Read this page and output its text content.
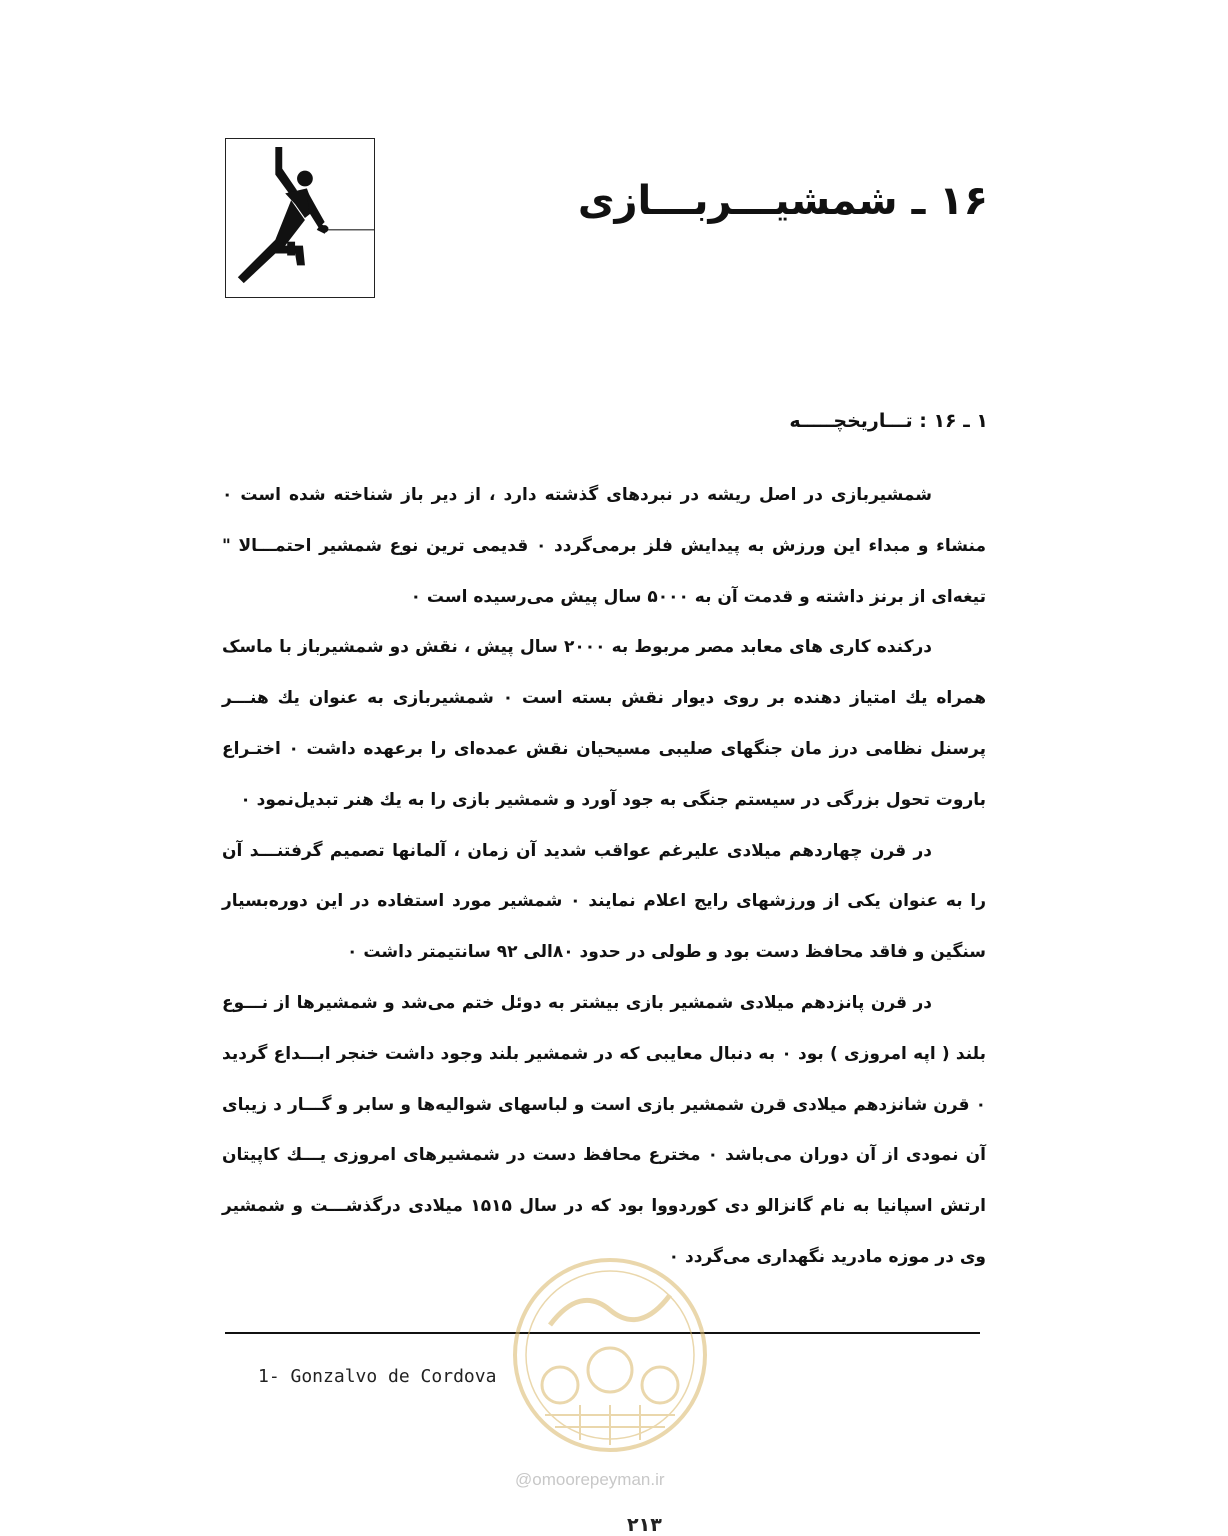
۱۶ ـ شمشیـــربـــازی
۱ ـ ۱۶ : تـــاریخچـــــه

شمشیربازی در اصل ریشه در نبردهای گذشته دارد ، از دیر باز شناخته شده است ۰ منشاء و مبداء این ورزش به پیدایش فلز برمی‌گردد ۰ قدیمی ترین نوع شمشیر احتمـــالا " تیغه‌ای از برنز داشته و قدمت آن به ۵۰۰۰ سال پیش می‌رسیده است ۰

درکنده کاری های معابد مصر مربوط به ۲۰۰۰ سال پیش ، نقش دو شمشیرباز با ماسک همراه یك امتیاز دهنده بر روی دیوار نقش بسته است ۰ شمشیربازی به عنوان یك هنـــر پرسنل نظامی درز مان جنگهای صلیبی مسیحیان نقش عمده‌ای را برعهده داشت ۰ اختـراع باروت تحول بزرگی در سیستم جنگی به جود آورد و شمشیر بازی را به یك هنر تبدیل‌نمود ۰

در قرن چهاردهم میلادی علیرغم عواقب شدید آن زمان ، آلمانها تصمیم گرفتنـــد آن را به عنوان یکی از ورزشهای رایج اعلام نمایند ۰ شمشیر مورد استفاده در این دوره‌بسیار سنگین و فاقد محافظ دست بود و طولی در حدود ۸۰الی ۹۲ سانتیمتر داشت ۰

در قرن پانزدهم میلادی شمشیر بازی بیشتر به دوئل ختم می‌شد و شمشیرها از نـــوع بلند ( اپه امروزی ) بود ۰ به دنبال معایبی که در شمشیر بلند وجود داشت خنجر ابـــداع گردید ۰ قرن شانزدهم میلادی قرن شمشیر بازی است و لباسهای شوالیه‌ها و سابر و گـــار د زیبای آن نمودی از آن دوران می‌باشد ۰ مخترع محافظ دست در شمشیرهای امروزی یـــك کاپیتان ارتش اسپانیا به نام گانزالو دی کوردووا بود که در سال ۱۵۱۵ میلادی درگذشـــت و شمشیر وی در موزه مادرید نگهداری می‌گردد ۰

1- Gonzalvo de Cordova
@omoorepeyman.ir
۲۱۳
